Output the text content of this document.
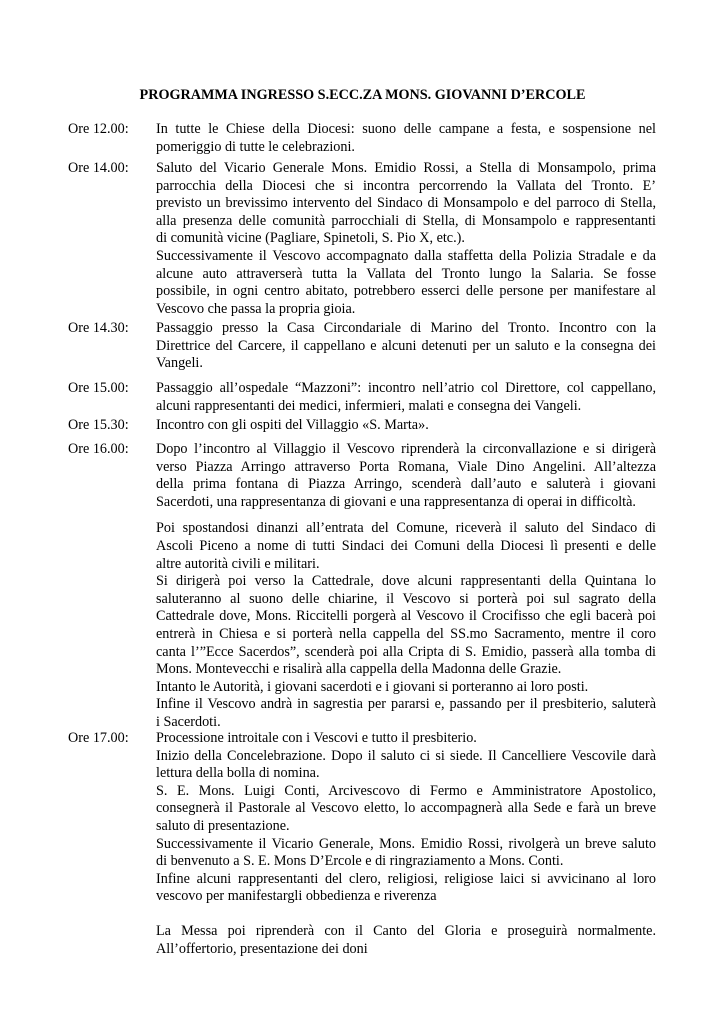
PROGRAMMA INGRESSO S.ECC.ZA MONS. GIOVANNI D’ERCOLE
Ore 12.00: In tutte le Chiese della Diocesi: suono delle campane a festa, e sospensione nel
pomeriggio di tutte le celebrazioni.
Ore 14.00: Saluto del Vicario Generale Mons. Emidio Rossi, a Stella di Monsampolo, prima
parrocchia della Diocesi che si incontra percorrendo la Vallata del Tronto. E’
previsto un brevissimo intervento del Sindaco di Monsampolo e del parroco di Stella,
alla presenza delle comunità parrocchiali di Stella, di Monsampolo e rappresentanti
di comunità vicine (Pagliare, Spinetoli, S. Pio X, etc.).
Successivamente il Vescovo accompagnato dalla staffetta della Polizia Stradale e da
alcune auto attraverserà tutta la Vallata del Tronto lungo la Salaria. Se fosse
possibile, in ogni centro abitato, potrebbero esserci delle persone per manifestare al
Vescovo che passa la propria gioia.
Ore 14.30: Passaggio presso la Casa Circondariale di Marino del Tronto. Incontro con la
Direttrice del Carcere, il cappellano e alcuni detenuti per un saluto e la consegna dei
Vangeli.
Ore 15.00: Passaggio all’ospedale “Mazzoni”: incontro nell’atrio col Direttore, col cappellano,
alcuni rappresentanti dei medici, infermieri, malati e consegna dei Vangeli.
Ore 15.30: Incontro con gli ospiti del Villaggio «S. Marta».
Ore 16.00: Dopo l’incontro al Villaggio il Vescovo riprenderà la circonvallazione e si dirigerà
verso Piazza Arringo attraverso Porta Romana, Viale Dino Angelini. All’altezza
della prima fontana di Piazza Arringo, scenderà dall’auto e saluterà i giovani
Sacerdoti, una rappresentanza di giovani e una rappresentanza di operai in difficoltà.
Poi spostandosi dinanzi all’entrata del Comune, riceverà il saluto del Sindaco di
Ascoli Piceno a nome di tutti Sindaci dei Comuni della Diocesi lì presenti e delle
altre autorità civili e militari.
Si dirigerà poi verso la Cattedrale, dove alcuni rappresentanti della Quintana lo
saluteranno al suono delle chiarine, il Vescovo si porterà poi sul sagrato della
Cattedrale dove, Mons. Riccitelli porgerà al Vescovo il Crocifisso che egli bacerà poi
entrerà in Chiesa e si porterà nella cappella del SS.mo Sacramento, mentre il coro
canta l’”Ecce Sacerdos”, scenderà poi alla Cripta di S. Emidio, passerà alla tomba di
Mons. Montevecchi e risalirà alla cappella della Madonna delle Grazie.
Intanto le Autorità, i giovani sacerdoti e i giovani si porteranno ai loro posti.
Infine il Vescovo andrà in sagrestia per pararsi e, passando per il presbiterio, saluterà
i Sacerdoti.
Ore 17.00: Processione introitale con i Vescovi e tutto il presbiterio.
Inizio della Concelebrazione. Dopo il saluto ci si siede. Il Cancelliere Vescovile darà
lettura della bolla di nomina.
S. E. Mons. Luigi Conti, Arcivescovo di Fermo e Amministratore Apostolico,
consegnerà il Pastorale al Vescovo eletto, lo accompagnerà alla Sede e farà un breve
saluto di presentazione.
Successivamente il Vicario Generale, Mons. Emidio Rossi, rivolgerà un breve saluto
di benvenuto a S. E. Mons D’Ercole e di ringraziamento a Mons. Conti.
Infine alcuni rappresentanti del clero, religiosi, religiose laici si avvicinano al loro
vescovo per manifestargli obbedienza e riverenza
La Messa poi riprenderà con il Canto del Gloria e proseguirà normalmente.
All’offertorio, presentazione dei doni
